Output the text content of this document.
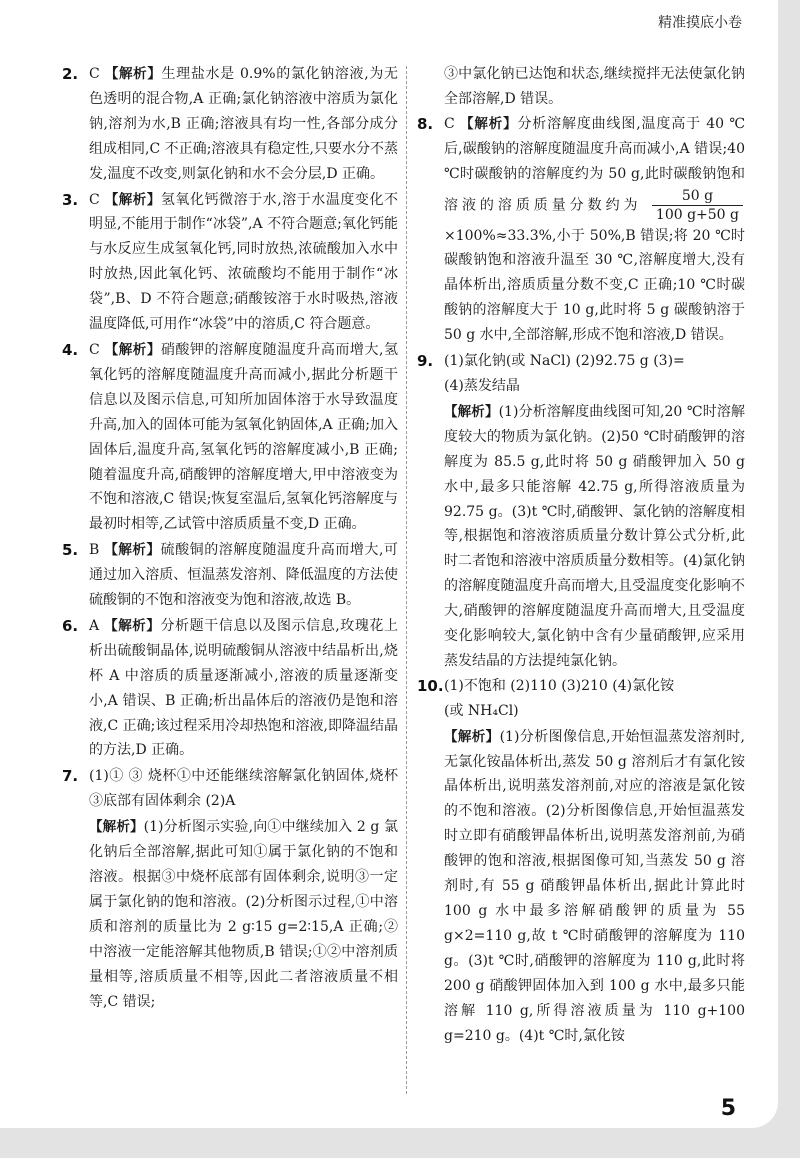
精准摸底小卷
2. C 【解析】生理盐水是 0.9%的氯化钠溶液,为无色透明的混合物,A 正确;氯化钠溶液中溶质为氯化钠,溶剂为水,B 正确;溶液具有均一性,各部分成分组成相同,C 不正确;溶液具有稳定性,只要水分不蒸发,温度不改变,则氯化钠和水不会分层,D 正确。
3. C 【解析】氢氧化钙微溶于水,溶于水温度变化不明显,不能用于制作“冰袋”,A 不符合题意;氧化钙能与水反应生成氢氧化钙,同时放热,浓硫酸加入水中时放热,因此氧化钙、浓硫酸均不能用于制作“冰袋”,B、D 不符合题意;硝酸铵溶于水时吸热,溶液温度降低,可用作“冰袋”中的溶质,C 符合题意。
4. C 【解析】硝酸钾的溶解度随温度升高而增大,氢氧化钙的溶解度随温度升高而减小,据此分析题干信息以及图示信息,可知所加固体溶于水导致温度升高,加入的固体可能为氢氧化钠固体,A 正确;加入固体后,温度升高,氢氧化钙的溶解度减小,B 正确;随着温度升高,硝酸钾的溶解度增大,甲中溶液变为不饱和溶液,C 错误;恢复室温后,氢氧化钙溶解度与最初时相等,乙试管中溶质质量不变,D 正确。
5. B 【解析】硫酸铜的溶解度随温度升高而增大,可通过加入溶质、恒温蒸发溶剂、降低温度的方法使硫酸铜的不饱和溶液变为饱和溶液,故选 B。
6. A 【解析】分析题干信息以及图示信息,玫瑰花上析出硫酸铜晶体,说明硫酸铜从溶液中结晶析出,烧杯 A 中溶质的质量逐渐减小,溶液的质量逐渐变小,A 错误、B 正确;析出晶体后的溶液仍是饱和溶液,C 正确;该过程采用冷却热饱和溶液,即降温结晶的方法,D 正确。
7. (1)① ③ 烧杯①中还能继续溶解氯化钠固体,烧杯③底部有固体剩余 (2)A

【解析】(1)分析图示实验,向①中继续加入 2 g 氯化钠后全部溶解,据此可知①属于氯化钠的不饱和溶液。根据③中烧杯底部有固体剩余,说明③一定属于氯化钠的饱和溶液。(2)分析图示过程,①中溶质和溶剂的质量比为 2 g∶15 g=2∶15,A 正确;②中溶液一定能溶解其他物质,B 错误;①②中溶剂质量相等,溶质质量不相等,因此二者溶液质量不相等,C 错误;

③中氯化钠已达饱和状态,继续搅拌无法使氯化钠全部溶解,D 错误。

8. C 【解析】分析溶解度曲线图,温度高于 40 ℃后,碳酸钠的溶解度随温度升高而减小,A 错误;40 ℃时碳酸钠的溶解度约为 50 g,此时碳酸钠饱和溶液的溶质质量分数约为 $\frac{50 g}{100 g+50 g}$
×100%≈33.3%,小于 50%,B 错误;将 20 ℃时碳酸钠饱和溶液升温至 30 ℃,溶解度增大,没有晶体析出,溶质质量分数不变,C 正确;10 ℃时碳酸钠的溶解度大于 10 g,此时将 5 g 碳酸钠溶于 50 g 水中,全部溶解,形成不饱和溶液,D 错误。
9. (1)氯化钠(或 NaCl) (2)92.75 g (3)=
(4)蒸发结晶

【解析】(1)分析溶解度曲线图可知,20 ℃时溶解度较大的物质为氯化钠。(2)50 ℃时硝酸钾的溶解度为 85.5 g,此时将 50 g 硝酸钾加入 50 g 水中,最多只能溶解 42.75 g,所得溶液质量为 92.75 g。(3)t ℃时,硝酸钾、氯化钠的溶解度相等,根据饱和溶液溶质质量分数计算公式分析,此时二者饱和溶液中溶质质量分数相等。(4)氯化钠的溶解度随温度升高而增大,且受温度变化影响不大,硝酸钾的溶解度随温度升高而增大,且受温度变化影响较大,氯化钠中含有少量硝酸钾,应采用蒸发结晶的方法提纯氯化钠。

10. (1)不饱和 (2)110 (3)210 (4)氯化铵
(或 NH₄Cl)

【解析】(1)分析图像信息,开始恒温蒸发溶剂时,无氯化铵晶体析出,蒸发 50 g 溶剂后才有氯化铵晶体析出,说明蒸发溶剂前,对应的溶液是氯化铵的不饱和溶液。(2)分析图像信息,开始恒温蒸发时立即有硝酸钾晶体析出,说明蒸发溶剂前,为硝酸钾的饱和溶液,根据图像可知,当蒸发 50 g 溶剂时,有 55 g 硝酸钾晶体析出,据此计算此时 100 g 水中最多溶解硝酸钾的质量为 55 g×2=110 g,故 t ℃时硝酸钾的溶解度为 110 g。(3)t ℃时,硝酸钾的溶解度为 110 g,此时将 200 g 硝酸钾固体加入到 100 g 水中,最多只能溶解 110 g,所得溶液质量为 110 g+100 g=210 g。(4)t ℃时,氯化铵

5
